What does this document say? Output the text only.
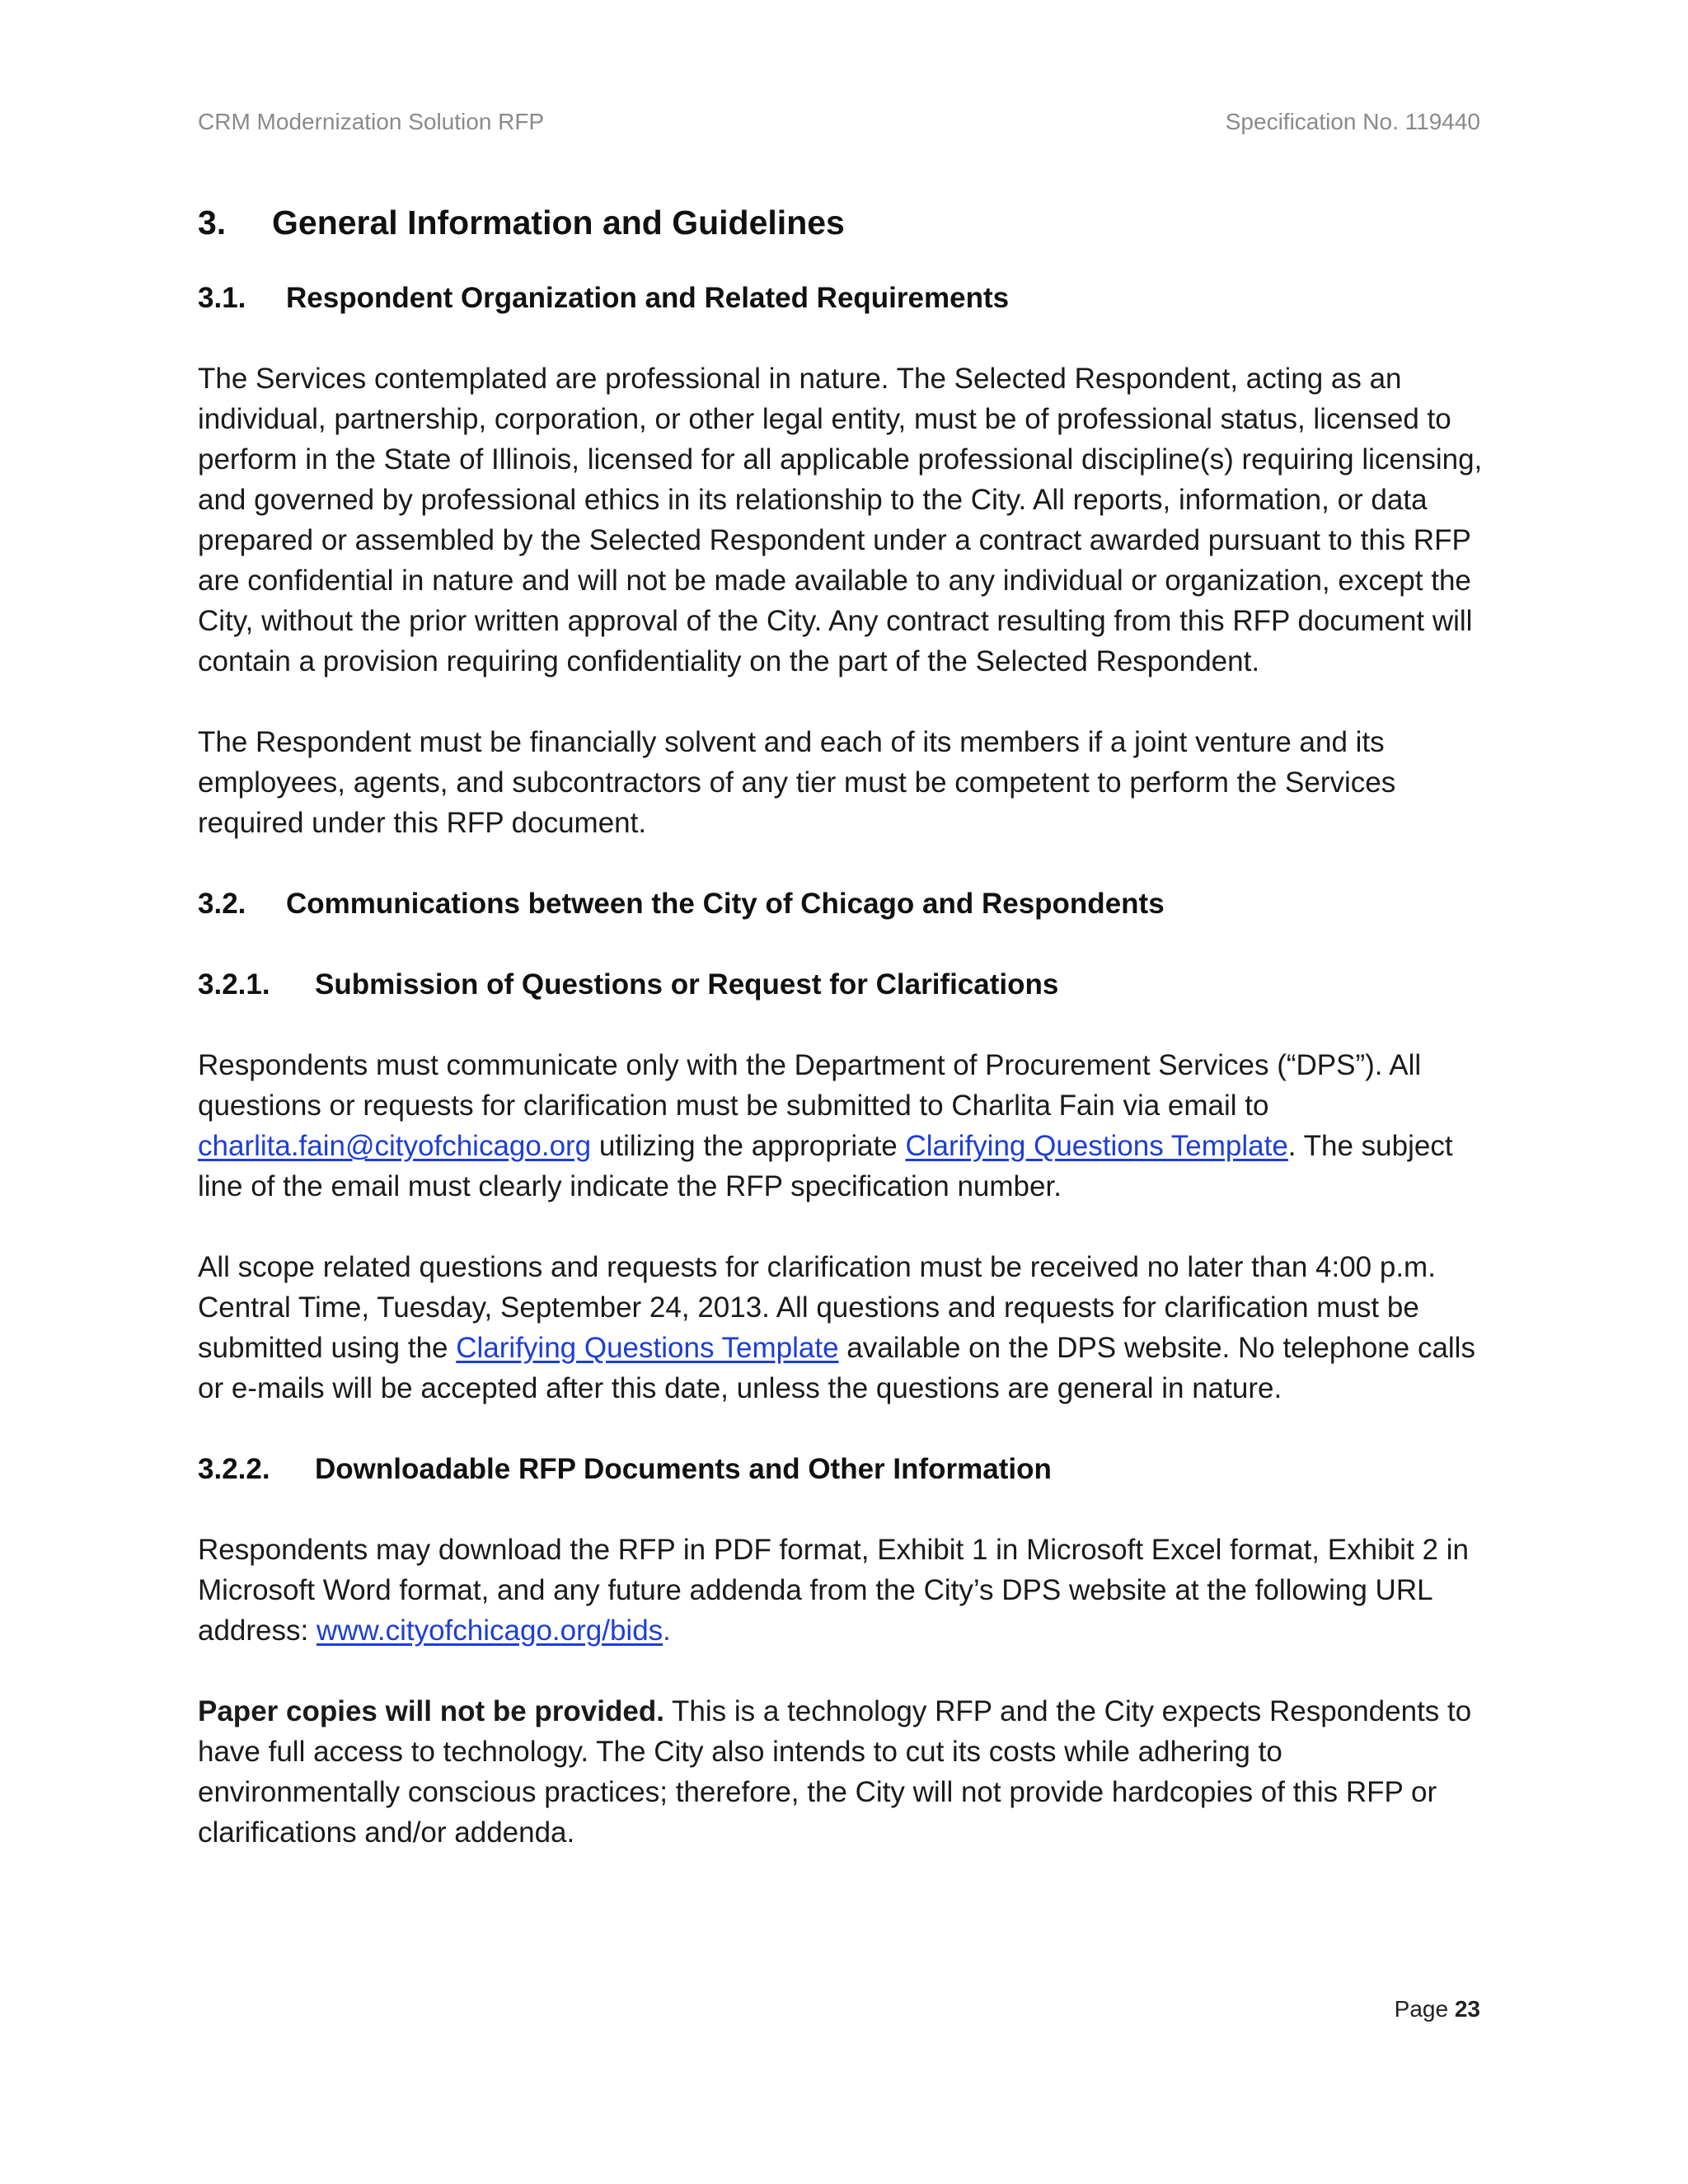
CRM Modernization Solution RFP	Specification No. 119440
3.	General Information and Guidelines
3.1.	Respondent Organization and Related Requirements

The Services contemplated are professional in nature. The Selected Respondent, acting as an individual, partnership, corporation, or other legal entity, must be of professional status, licensed to perform in the State of Illinois, licensed for all applicable professional discipline(s) requiring licensing, and governed by professional ethics in its relationship to the City. All reports, information, or data prepared or assembled by the Selected Respondent under a contract awarded pursuant to this RFP are confidential in nature and will not be made available to any individual or organization, except the City, without the prior written approval of the City. Any contract resulting from this RFP document will contain a provision requiring confidentiality on the part of the Selected Respondent.

The Respondent must be financially solvent and each of its members if a joint venture and its employees, agents, and subcontractors of any tier must be competent to perform the Services required under this RFP document.

3.2.	Communications between the City of Chicago and Respondents
3.2.1.	Submission of Questions or Request for Clarifications

Respondents must communicate only with the Department of Procurement Services (“DPS”). All questions or requests for clarification must be submitted to Charlita Fain via email to charlita.fain@cityofchicago.org utilizing the appropriate Clarifying Questions Template. The subject line of the email must clearly indicate the RFP specification number.

All scope related questions and requests for clarification must be received no later than 4:00 p.m. Central Time, Tuesday, September 24, 2013. All questions and requests for clarification must be submitted using the Clarifying Questions Template available on the DPS website. No telephone calls or e-mails will be accepted after this date, unless the questions are general in nature.

3.2.2.	Downloadable RFP Documents and Other Information

Respondents may download the RFP in PDF format, Exhibit 1 in Microsoft Excel format, Exhibit 2 in Microsoft Word format, and any future addenda from the City’s DPS website at the following URL address: www.cityofchicago.org/bids.

Paper copies will not be provided. This is a technology RFP and the City expects Respondents to have full access to technology. The City also intends to cut its costs while adhering to environmentally conscious practices; therefore, the City will not provide hardcopies of this RFP or clarifications and/or addenda.

Page 23
